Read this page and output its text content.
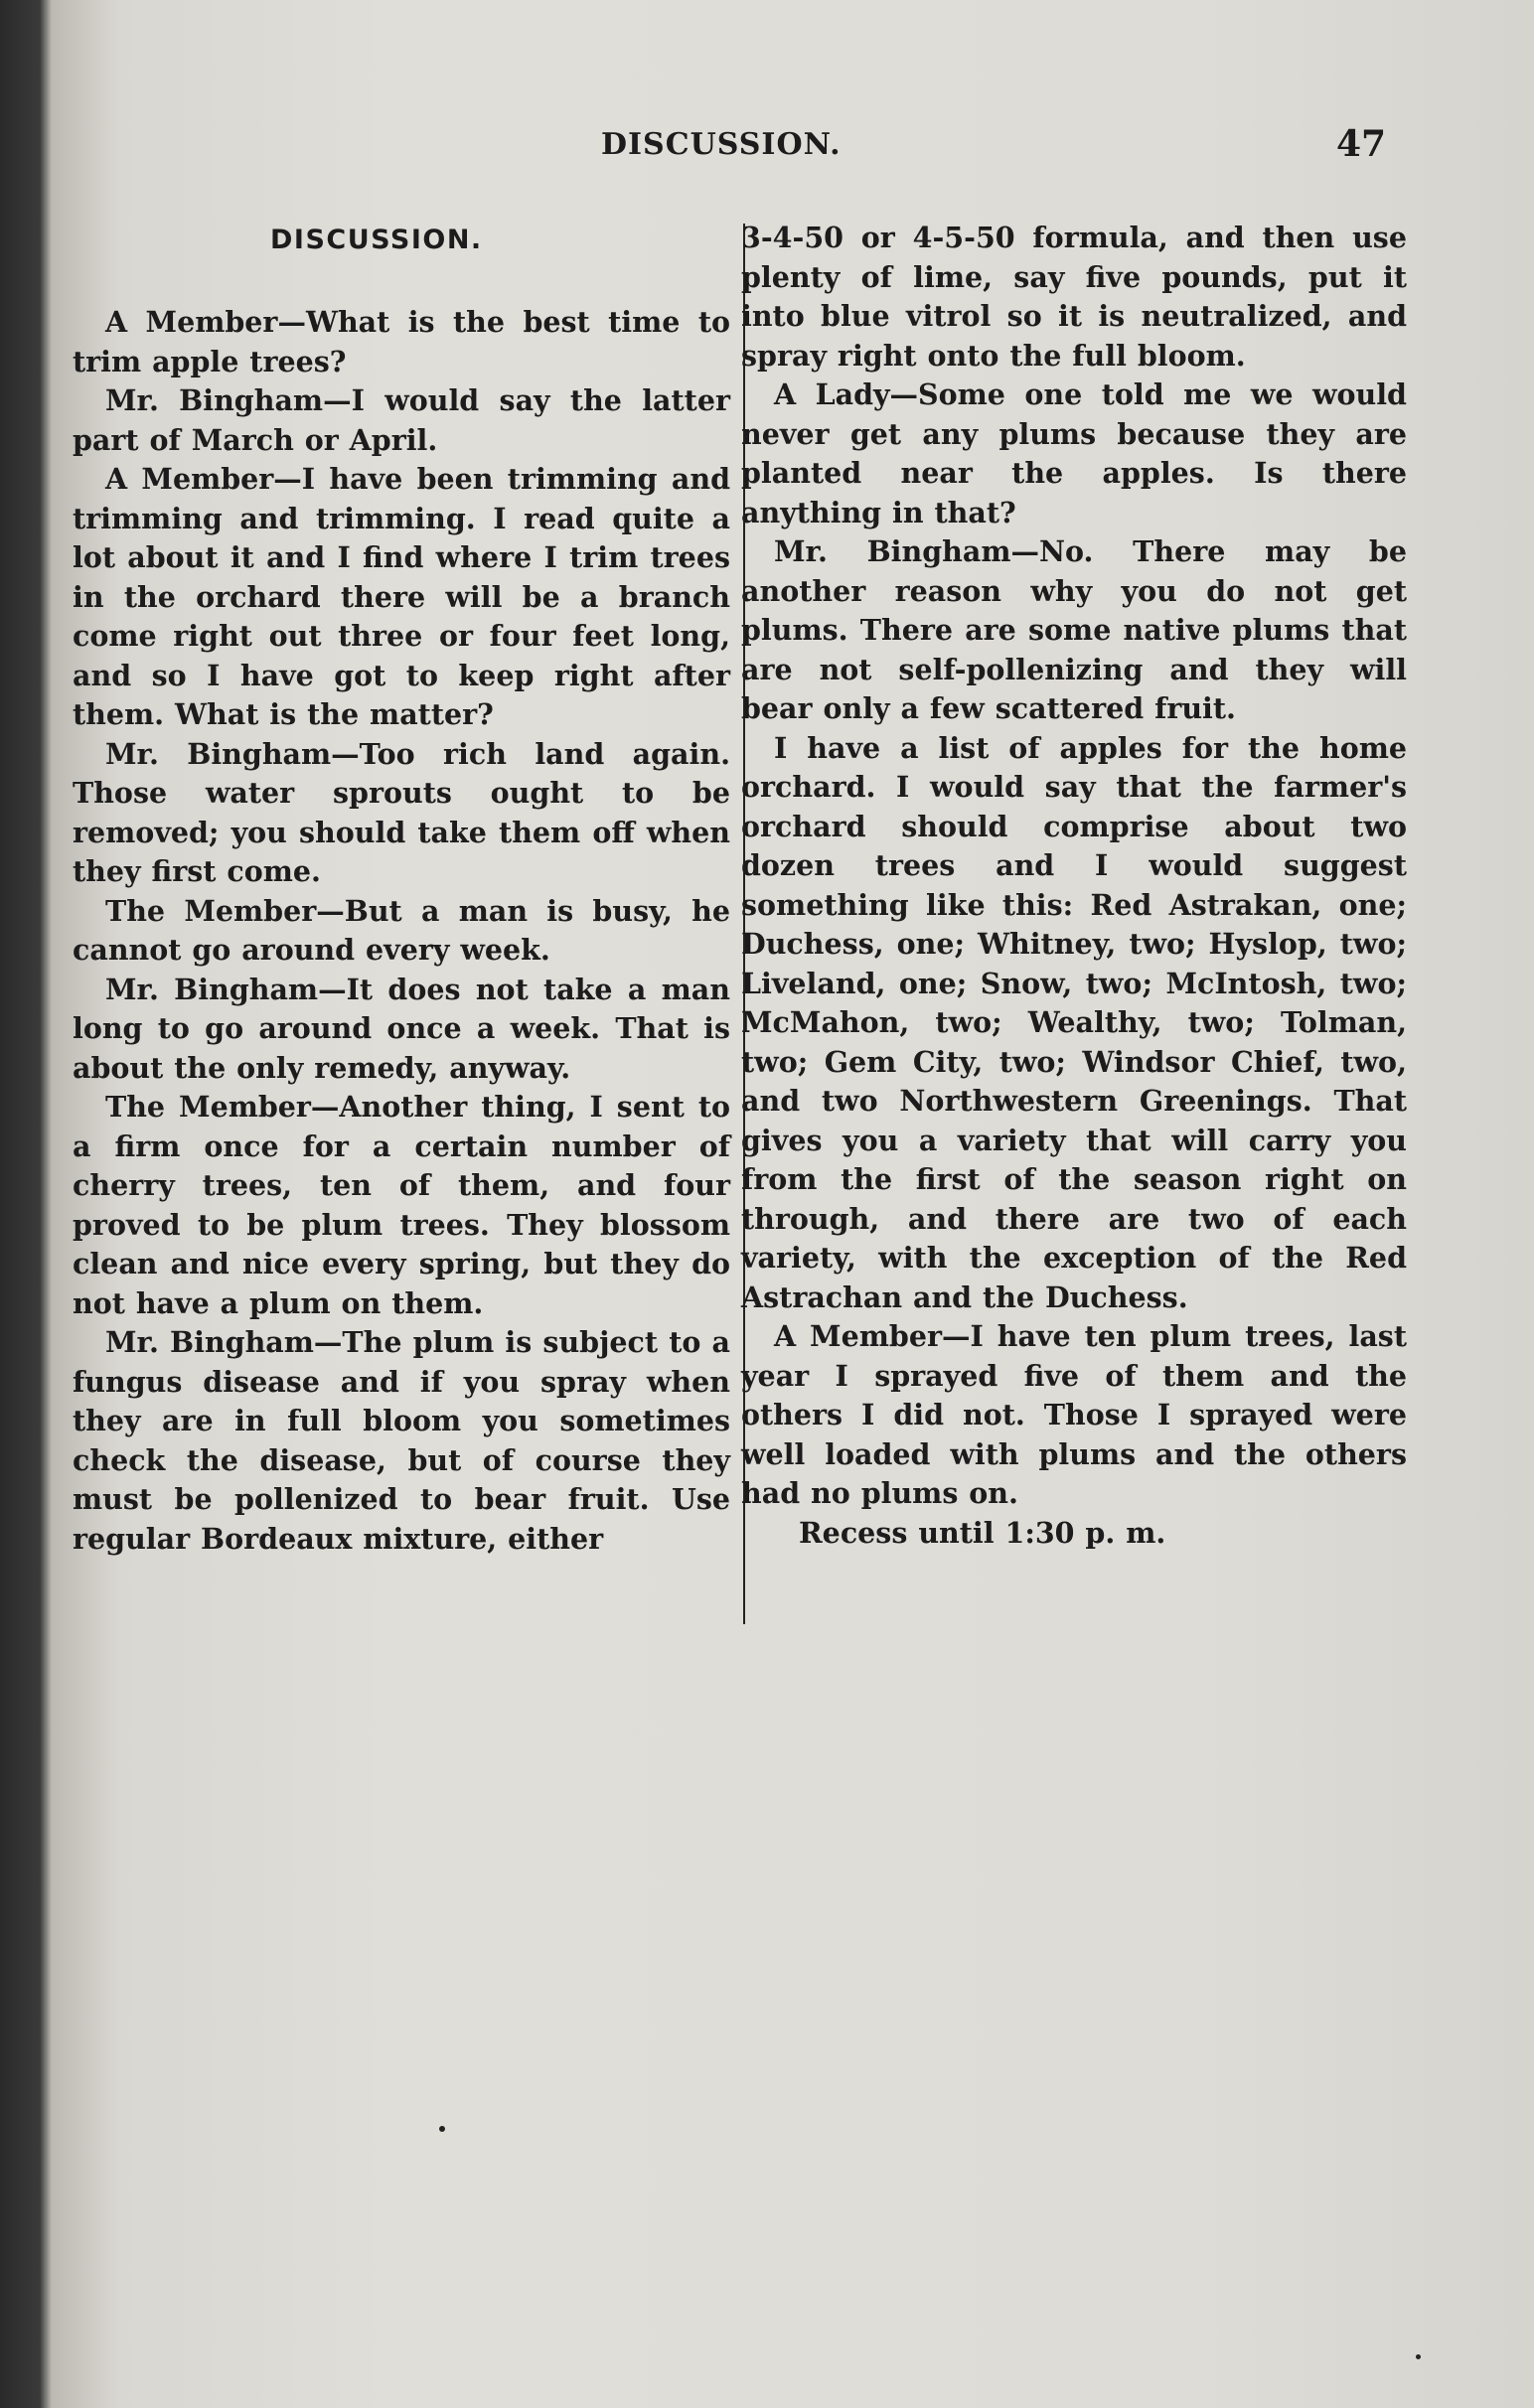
DISCUSSION.	47
DISCUSSION.

A Member—What is the best time to trim apple trees?

Mr. Bingham—I would say the latter part of March or April.

A Member—I have been trimming and trimming and trimming. I read quite a lot about it and I find where I trim trees in the orchard there will be a branch come right out three or four feet long, and so I have got to keep right after them. What is the matter?

Mr. Bingham—Too rich land again. Those water sprouts ought to be removed; you should take them off when they first come.

The Member—But a man is busy, he cannot go around every week.

Mr. Bingham—It does not take a man long to go around once a week. That is about the only remedy, anyway.

The Member—Another thing, I sent to a firm once for a certain number of cherry trees, ten of them, and four proved to be plum trees. They blossom clean and nice every spring, but they do not have a plum on them.

Mr. Bingham—The plum is subject to a fungus disease and if you spray when they are in full bloom you sometimes check the disease, but of course they must be pollenized to bear fruit. Use regular Bordeaux mixture, either

3-4-50 or 4-5-50 formula, and then use plenty of lime, say five pounds, put it into blue vitrol so it is neutralized, and spray right onto the full bloom.

A Lady—Some one told me we would never get any plums because they are planted near the apples. Is there anything in that?

Mr. Bingham—No. There may be another reason why you do not get plums. There are some native plums that are not self-pollenizing and they will bear only a few scattered fruit.

I have a list of apples for the home orchard. I would say that the farmer's orchard should comprise about two dozen trees and I would suggest something like this: Red Astrakan, one; Duchess, one; Whitney, two; Hyslop, two; Liveland, one; Snow, two; McIntosh, two; McMahon, two; Wealthy, two; Tolman, two; Gem City, two; Windsor Chief, two, and two Northwestern Greenings. That gives you a variety that will carry you from the first of the season right on through, and there are two of each variety, with the exception of the Red Astrachan and the Duchess.

A Member—I have ten plum trees, last year I sprayed five of them and the others I did not. Those I sprayed were well loaded with plums and the others had no plums on.

Recess until 1:30 p. m.
